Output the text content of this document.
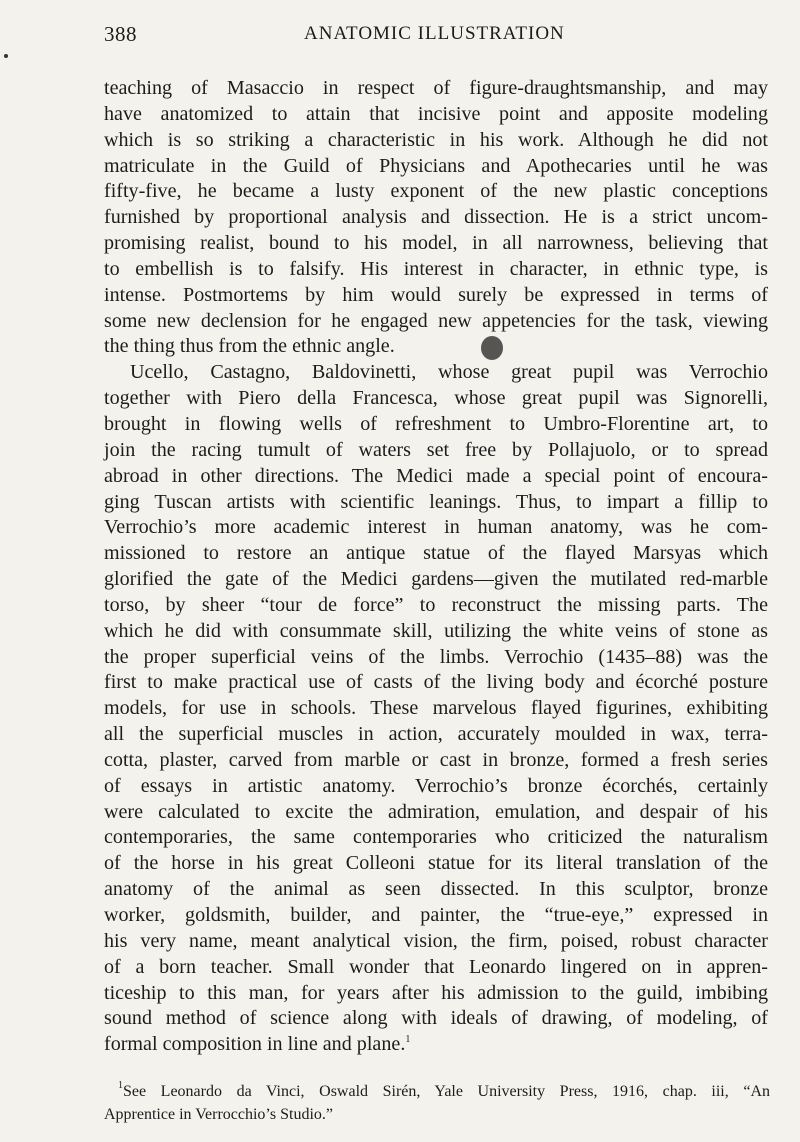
388	ANATOMIC ILLUSTRATION
teaching of Masaccio in respect of figure-draughtsmanship, and may
have anatomized to attain that incisive point and apposite modeling
which is so striking a characteristic in his work. Although he did not
matriculate in the Guild of Physicians and Apothecaries until he was
fifty-five, he became a lusty exponent of the new plastic conceptions
furnished by proportional analysis and dissection. He is a strict uncom-
promising realist, bound to his model, in all narrowness, believing that
to embellish is to falsify. His interest in character, in ethnic type, is
intense. Postmortems by him would surely be expressed in terms of
some new declension for he engaged new appetencies for the task, viewing
the thing thus from the ethnic angle.
Ucello, Castagno, Baldovinetti, whose great pupil was Verrochio
together with Piero della Francesca, whose great pupil was Signorelli,
brought in flowing wells of refreshment to Umbro-Florentine art, to
join the racing tumult of waters set free by Pollajuolo, or to spread
abroad in other directions. The Medici made a special point of encoura-
ging Tuscan artists with scientific leanings. Thus, to impart a fillip to
Verrochio’s more academic interest in human anatomy, was he com-
missioned to restore an antique statue of the flayed Marsyas which
glorified the gate of the Medici gardens—given the mutilated red-marble
torso, by sheer “tour de force” to reconstruct the missing parts. The
which he did with consummate skill, utilizing the white veins of stone as
the proper superficial veins of the limbs. Verrochio (1435–88) was the
first to make practical use of casts of the living body and écorché posture
models, for use in schools. These marvelous flayed figurines, exhibiting
all the superficial muscles in action, accurately moulded in wax, terra-
cotta, plaster, carved from marble or cast in bronze, formed a fresh series
of essays in artistic anatomy. Verrochio’s bronze écorchés, certainly
were calculated to excite the admiration, emulation, and despair of his
contemporaries, the same contemporaries who criticized the naturalism
of the horse in his great Colleoni statue for its literal translation of the
anatomy of the animal as seen dissected. In this sculptor, bronze
worker, goldsmith, builder, and painter, the “true-eye,” expressed in
his very name, meant analytical vision, the firm, poised, robust character
of a born teacher. Small wonder that Leonardo lingered on in appren-
ticeship to this man, for years after his admission to the guild, imbibing
sound method of science along with ideals of drawing, of modeling, of
formal composition in line and plane.$^1$
$^1$See Leonardo da Vinci, Oswald Sirén, Yale University Press, 1916, chap. iii, “An
Apprentice in Verrocchio’s Studio.”
